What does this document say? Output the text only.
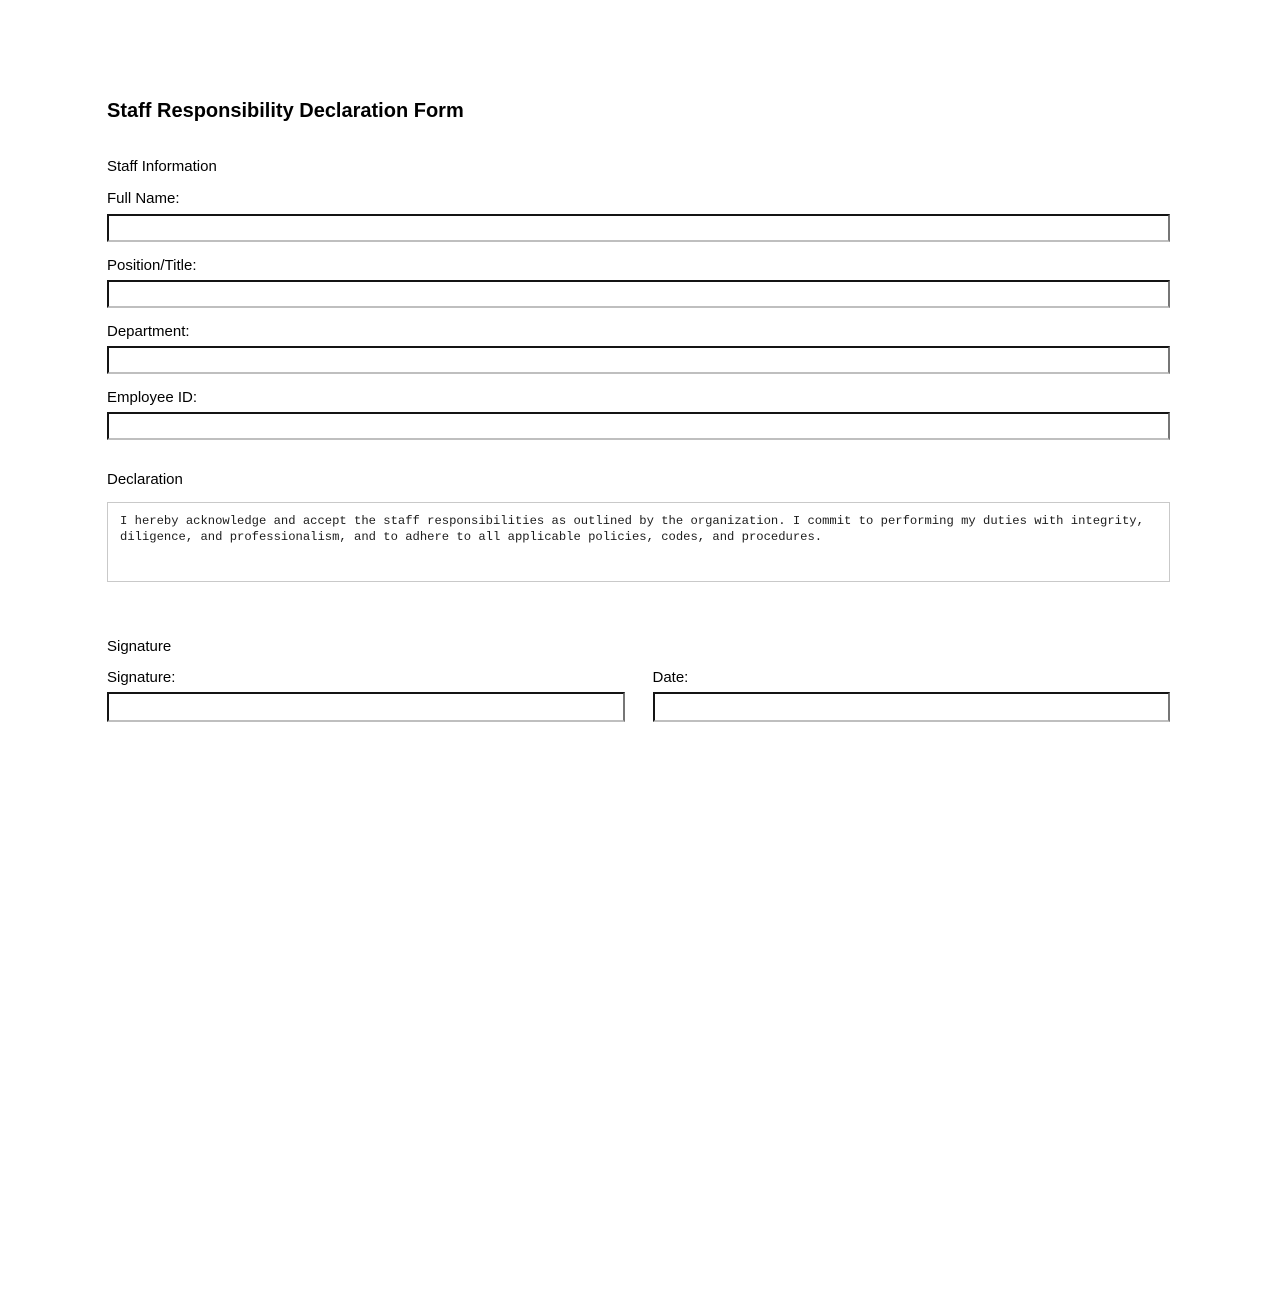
Staff Responsibility Declaration Form
Staff Information
Full Name:
Position/Title:
Department:
Employee ID:
Declaration
I hereby acknowledge and accept the staff responsibilities as outlined by the organization. I commit to performing my duties with integrity, diligence, and professionalism, and to adhere to all applicable policies, codes, and procedures.
Signature
Signature:	Date:
